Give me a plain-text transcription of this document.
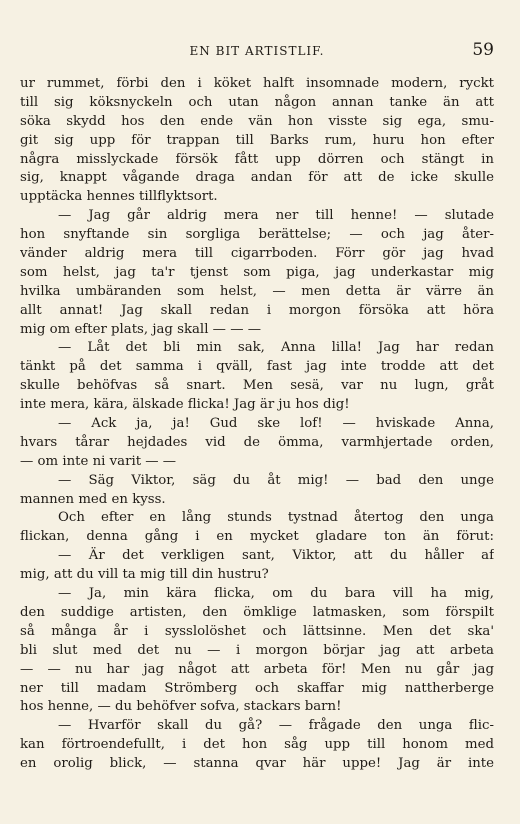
EN BIT ARTISTLIF.	59
ur rummet, förbi den i köket halft insomnade modern, ryckt
till sig köksnyckeln och utan någon annan tanke än att
söka skydd hos den ende vän hon visste sig ega, smu-
git sig upp för trappan till Barks rum, huru hon efter
några misslyckade försök fått upp dörren och stängt in
sig, knappt vågande draga andan för att de icke skulle
upptäcka hennes tillflyktsort.
— Jag går aldrig mera ner till henne! — slutade
hon snyftande sin sorgliga berättelse; — och jag åter-
vänder aldrig mera till cigarrboden. Förr gör jag hvad
som helst, jag ta'r tjenst som piga, jag underkastar mig
hvilka umbäranden som helst, — men detta är värre än
allt annat! Jag skall redan i morgon försöka att höra
mig om efter plats, jag skall — — —
— Låt det bli min sak, Anna lilla! Jag har redan
tänkt på det samma i qväll, fast jag inte trodde att det
skulle behöfvas så snart. Men sesä, var nu lugn, gråt
inte mera, kära, älskade flicka! Jag är ju hos dig!
— Ack ja, ja! Gud ske lof! — hviskade Anna,
hvars tårar hejdades vid de ömma, varmhjertade orden,
— om inte ni varit — —
— Säg Viktor, säg du åt mig! — bad den unge
mannen med en kyss.
Och efter en lång stunds tystnad återtog den unga
flickan, denna gång i en mycket gladare ton än förut:
— Är det verkligen sant, Viktor, att du håller af
mig, att du vill ta mig till din hustru?
— Ja, min kära flicka, om du bara vill ha mig,
den suddige artisten, den ömklige latmasken, som förspilt
så många år i sysslolöshet och lättsinne. Men det ska'
bli slut med det nu — i morgon börjar jag att arbeta
— — nu har jag något att arbeta för! Men nu går jag
ner till madam Strömberg och skaffar mig nattherberge
hos henne, — du behöfver sofva, stackars barn!
— Hvarför skall du gå? — frågade den unga flic-
kan förtroendefullt, i det hon såg upp till honom med
en orolig blick, — stanna qvar här uppe! Jag är inte
